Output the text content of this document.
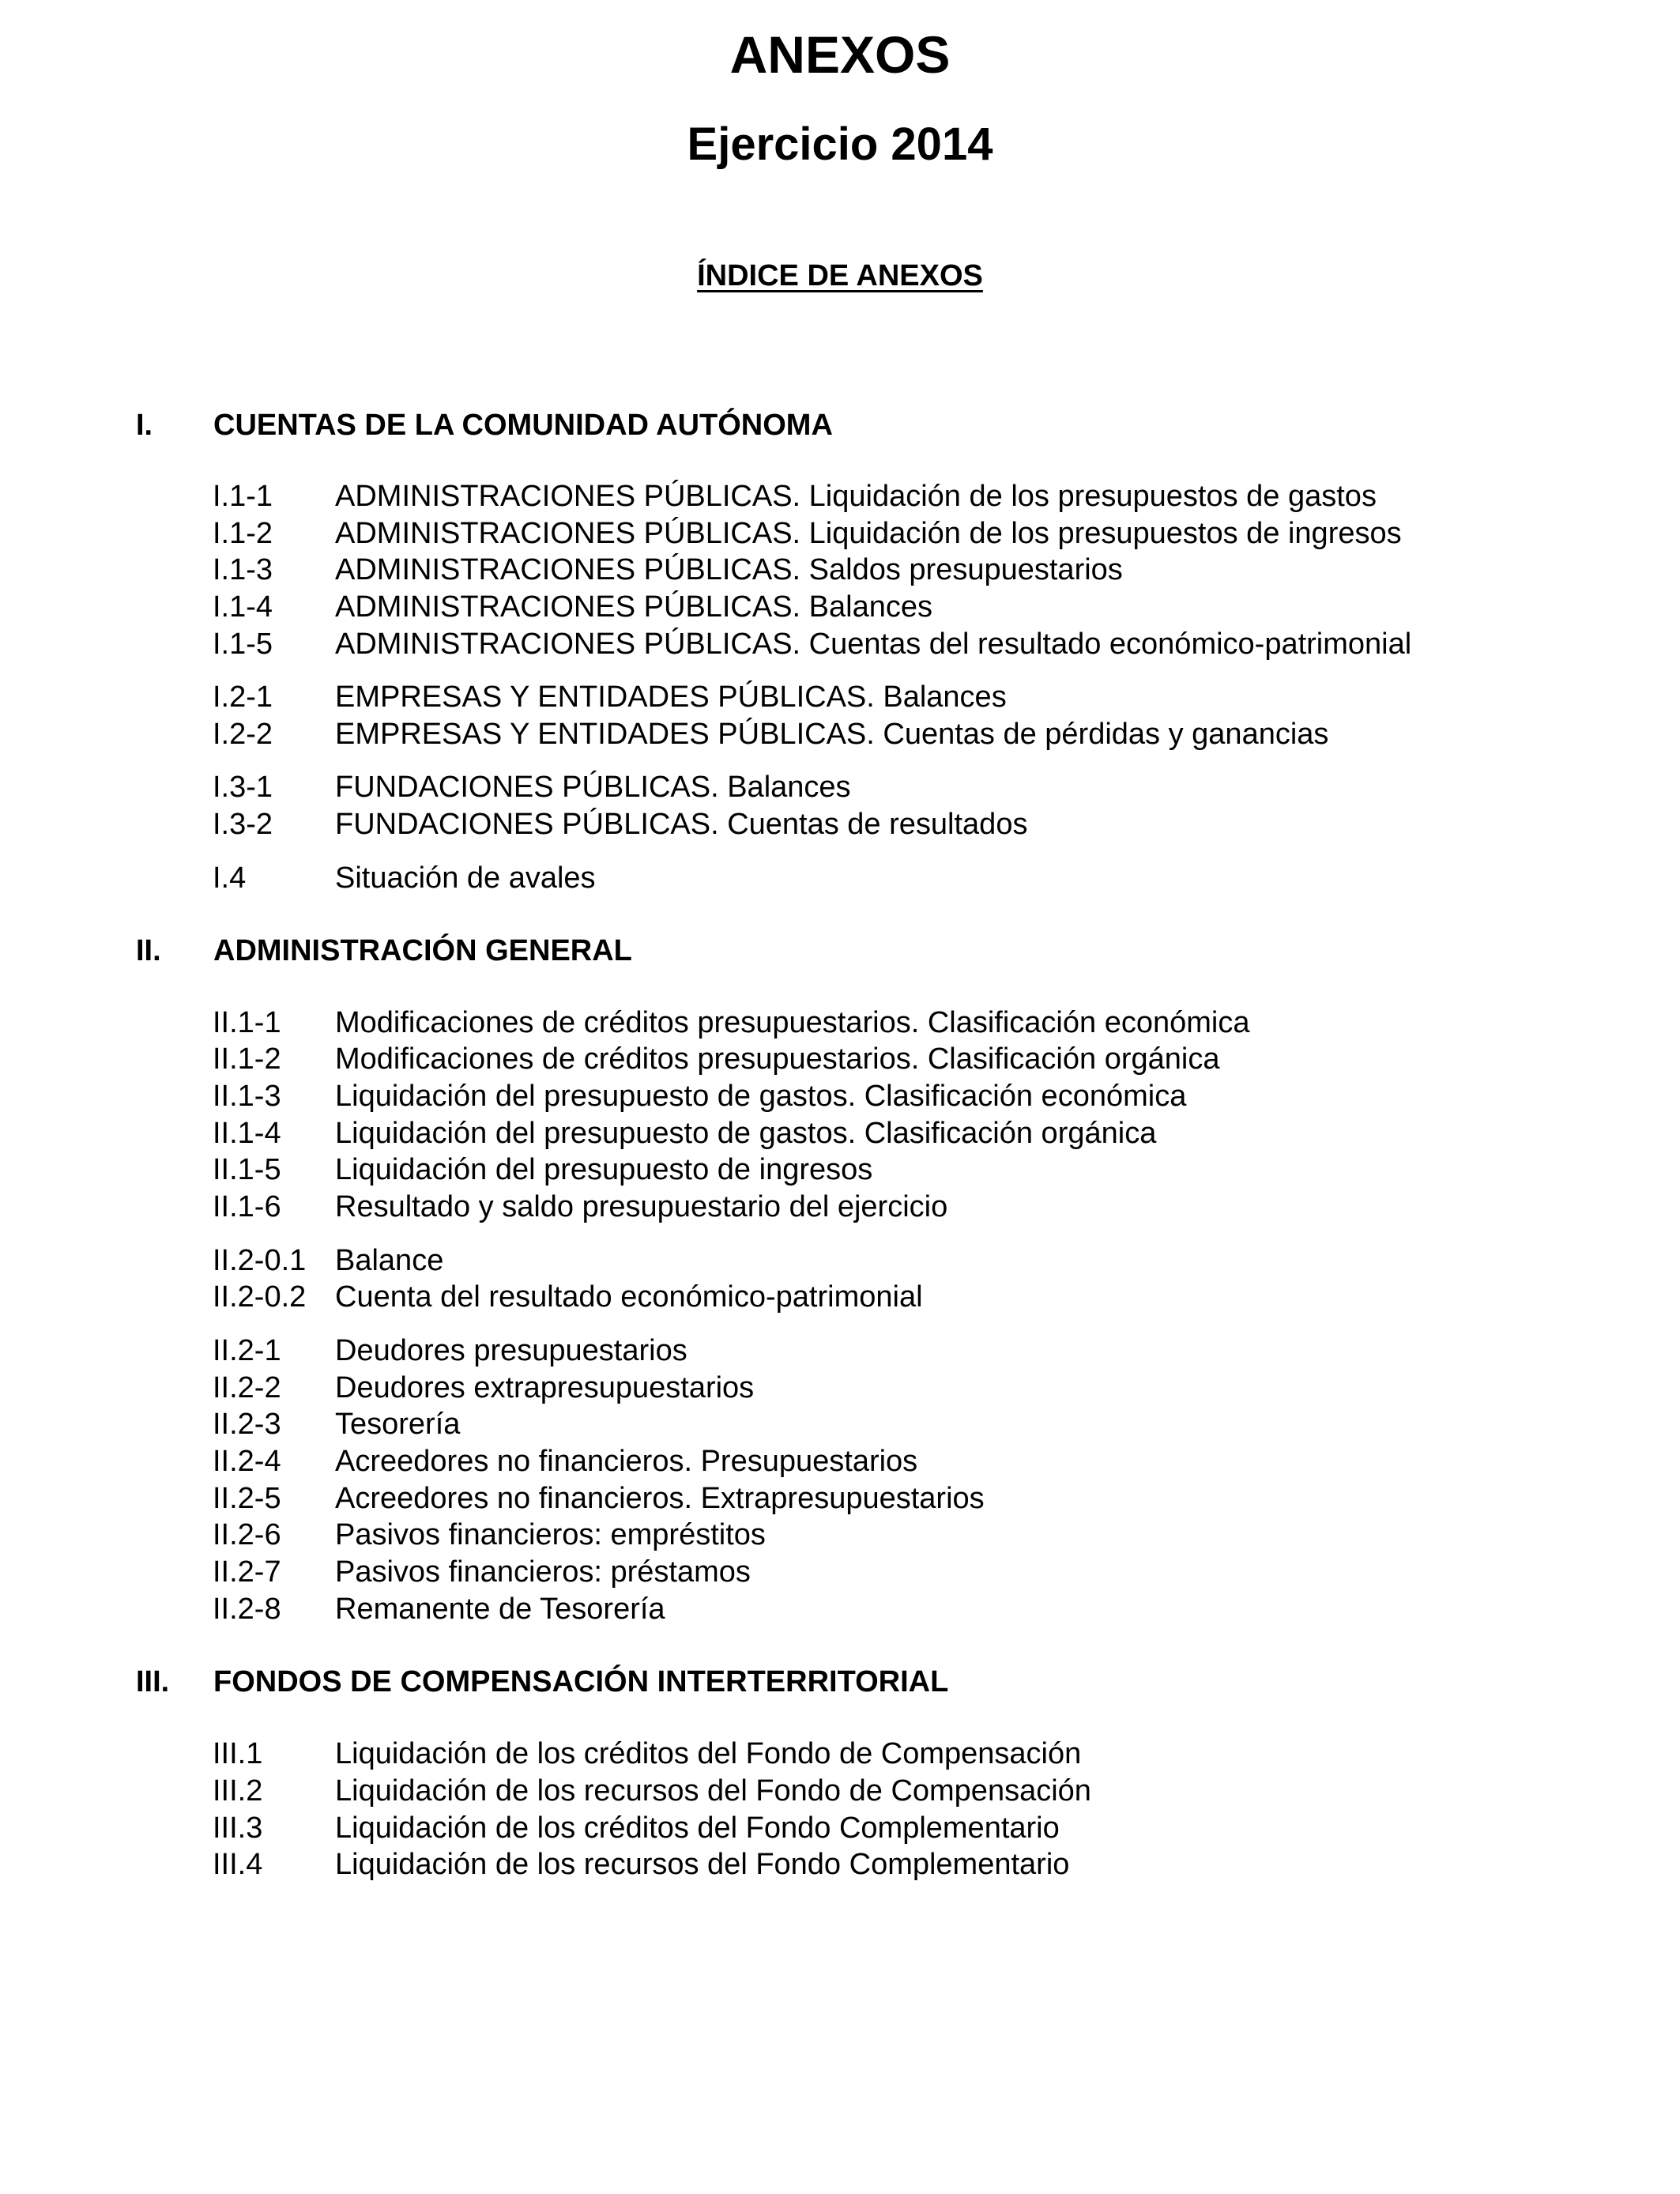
ANEXOS
Ejercicio 2014
ÍNDICE DE ANEXOS
I. CUENTAS DE LA COMUNIDAD AUTÓNOMA
I.1-1 ADMINISTRACIONES PÚBLICAS. Liquidación de los presupuestos de gastos
I.1-2 ADMINISTRACIONES PÚBLICAS. Liquidación de los presupuestos de ingresos
I.1-3 ADMINISTRACIONES PÚBLICAS. Saldos presupuestarios
I.1-4 ADMINISTRACIONES PÚBLICAS. Balances
I.1-5 ADMINISTRACIONES PÚBLICAS. Cuentas del resultado económico-patrimonial
I.2-1 EMPRESAS Y ENTIDADES PÚBLICAS. Balances
I.2-2 EMPRESAS Y ENTIDADES PÚBLICAS. Cuentas de pérdidas y ganancias
I.3-1 FUNDACIONES PÚBLICAS. Balances
I.3-2 FUNDACIONES PÚBLICAS. Cuentas de resultados
I.4	Situación de avales
II. ADMINISTRACIÓN GENERAL
II.1-1 Modificaciones de créditos presupuestarios. Clasificación económica
II.1-2 Modificaciones de créditos presupuestarios. Clasificación orgánica
II.1-3 Liquidación del presupuesto de gastos. Clasificación económica
II.1-4 Liquidación del presupuesto de gastos. Clasificación orgánica
II.1-5 Liquidación del presupuesto de ingresos
II.1-6 Resultado y saldo presupuestario del ejercicio
II.2-0.1 Balance
II.2-0.2 Cuenta del resultado económico-patrimonial
II.2-1 Deudores presupuestarios
II.2-2 Deudores extrapresupuestarios
II.2-3 Tesorería
II.2-4 Acreedores no financieros. Presupuestarios
II.2-5 Acreedores no financieros. Extrapresupuestarios
II.2-6 Pasivos financieros: empréstitos
II.2-7 Pasivos financieros: préstamos
II.2-8 Remanente de Tesorería
III. FONDOS DE COMPENSACIÓN INTERTERRITORIAL
III.1 Liquidación de los créditos del Fondo de Compensación
III.2 Liquidación de los recursos del Fondo de Compensación
III.3 Liquidación de los créditos del Fondo Complementario
III.4 Liquidación de los recursos del Fondo Complementario
